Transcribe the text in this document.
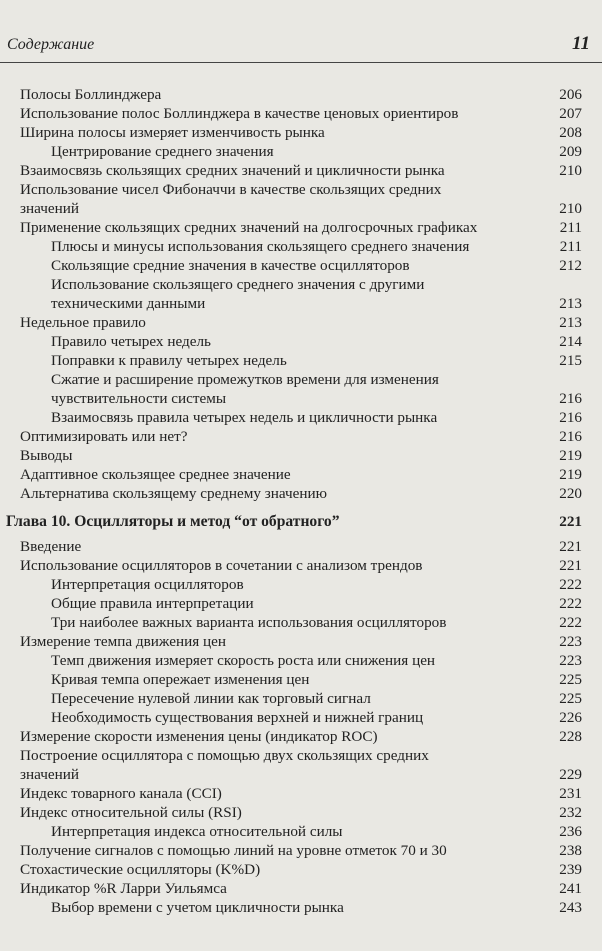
Содержание	11
Полосы Боллинджера	206
Использование полос Боллинджера в качестве ценовых ориентиров	207
Ширина полосы измеряет изменчивость рынка	208
Центрирование среднего значения	209
Взаимосвязь скользящих средних значений и цикличности рынка	210
Использование чисел Фибоначчи в качестве скользящих средних
значений	210
Применение скользящих средних значений на долгосрочных графиках	211
Плюсы и минусы использования скользящего среднего значения	211
Скользящие средние значения в качестве осцилляторов	212
Использование скользящего среднего значения с другими
техническими данными	213
Недельное правило	213
Правило четырех недель	214
Поправки к правилу четырех недель	215
Сжатие и расширение промежутков времени для изменения
чувствительности системы	216
Взаимосвязь правила четырех недель и цикличности рынка	216
Оптимизировать или нет?	216
Выводы	219
Адаптивное скользящее среднее значение	219
Альтернатива скользящему среднему значению	220
Глава 10. Осцилляторы и метод “от обратного”	221
Введение	221
Использование осцилляторов в сочетании с анализом трендов	221
Интерпретация осцилляторов	222
Общие правила интерпретации	222
Три наиболее важных варианта использования осцилляторов	222
Измерение темпа движения цен	223
Темп движения измеряет скорость роста или снижения цен	223
Кривая темпа опережает изменения цен	225
Пересечение нулевой линии как торговый сигнал	225
Необходимость существования верхней и нижней границ	226
Измерение скорости изменения цены (индикатор ROC)	228
Построение осциллятора с помощью двух скользящих средних
значений	229
Индекс товарного канала (CCI)	231
Индекс относительной силы (RSI)	232
Интерпретация индекса относительной силы	236
Получение сигналов с помощью линий на уровне отметок 70 и 30	238
Стохастические осцилляторы (K%D)	239
Индикатор %R Ларри Уильямса	241
Выбор времени с учетом цикличности рынка	243
